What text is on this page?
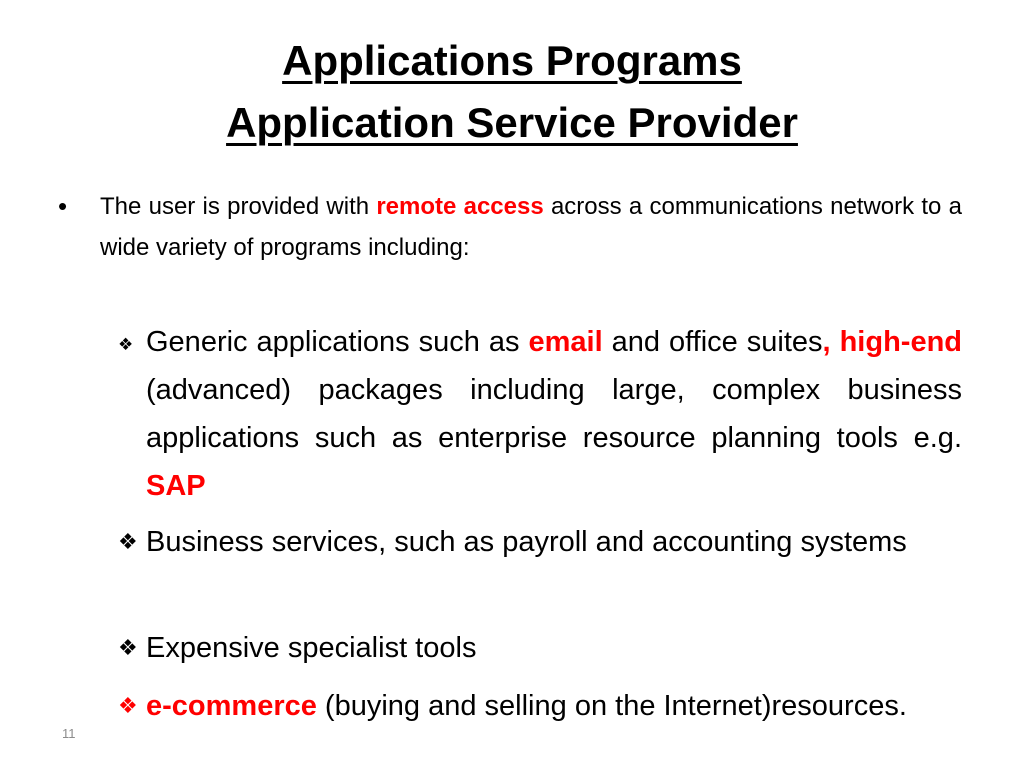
Applications Programs
Application Service Provider
• The user is provided with remote access across a communications network to a wide variety of programs including:
❖ Generic applications such as email and office suites, high-end (advanced) packages including large, complex business applications such as enterprise resource planning tools e.g. SAP
❖ Business services, such as payroll and accounting systems
❖ Expensive specialist tools
❖ e-commerce (buying and selling on the Internet)resources.
11
